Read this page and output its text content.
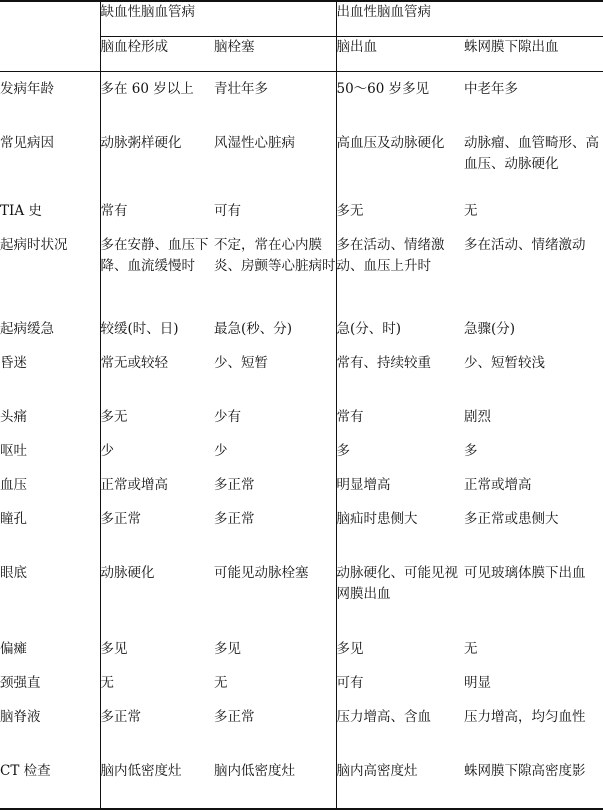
	缺血性脑血管病		出血性脑血管病	
	脑血栓形成	脑栓塞	脑出血	蛛网膜下隙出血

发病年龄	多在 60 岁以上	青壮年多	50～60 岁多见	中老年多

常见病因	动脉粥样硬化	风湿性心脏病	高血压及动脉硬化	动脉瘤、血管畸形、高血压、动脉硬化

TIA 史	常有	可有	多无	无

起病时状况	多在安静、血压下降、血流缓慢时	不定，常在心内膜炎、房颤等心脏病时	多在活动、情绪激动、血压上升时	多在活动、情绪激动

起病缓急	较缓(时、日)	最急(秒、分)	急(分、时)	急骤(分)

昏迷	常无或较轻	少、短暂	常有、持续较重	少、短暂较浅

头痛	多无	少有	常有	剧烈

呕吐	少	少	多	多

血压	正常或增高	多正常	明显增高	正常或增高

瞳孔	多正常	多正常	脑疝时患侧大	多正常或患侧大

眼底	动脉硬化	可能见动脉栓塞	动脉硬化、可能见视网膜出血	可见玻璃体膜下出血

偏瘫	多见	多见	多见	无

颈强直	无	无	可有	明显

脑脊液	多正常	多正常	压力增高、含血	压力增高，均匀血性

CT 检查	脑内低密度灶	脑内低密度灶	脑内高密度灶	蛛网膜下隙高密度影
